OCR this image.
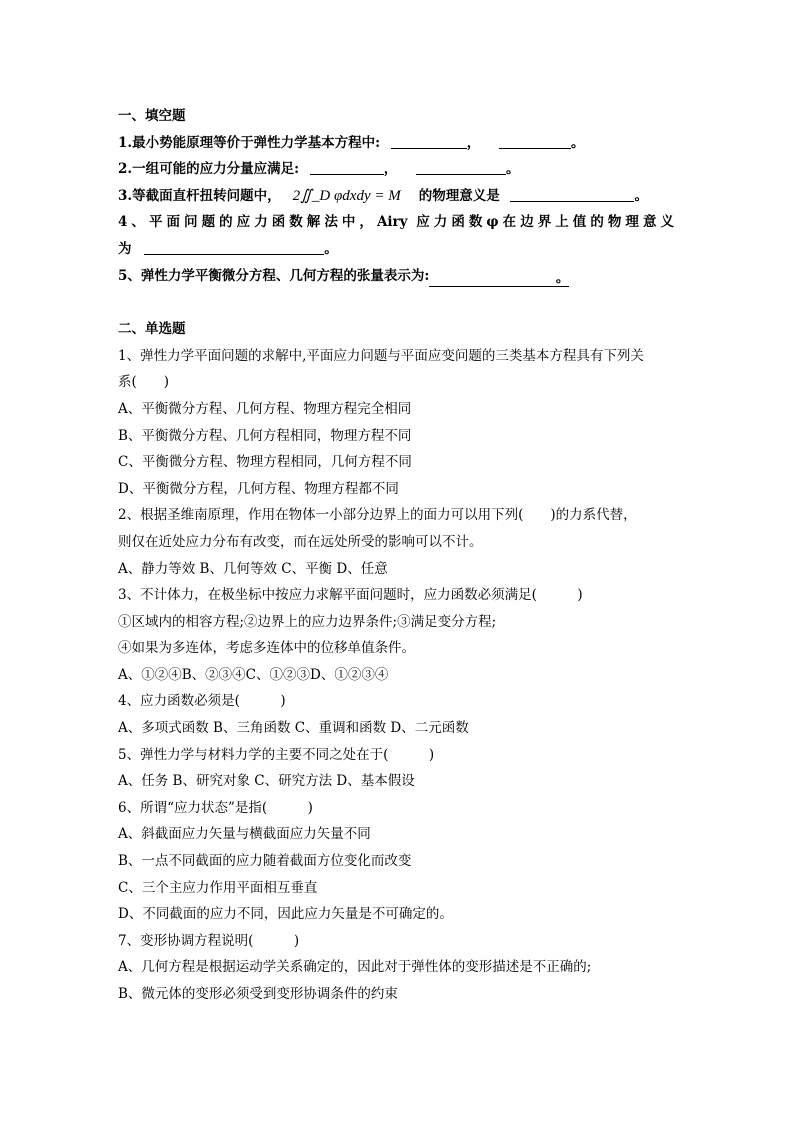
一、填空题
1.最小势能原理等价于弹性力学基本方程中:	，	。
2.一组可能的应力分量应满足:	，	。
3.等截面直杆扭转问题中， 2∬_D φdxdy = M 的物理意义是	。
4、平面问题的应力函数解法中，Airy 应力函数φ在边界上值的物理意义
为	。
5、弹性力学平衡微分方程、几何方程的张量表示为:	。
二、单选题
1、弹性力学平面问题的求解中,平面应力问题与平面应变问题的三类基本方程具有下列关
系(　　)
A、平衡微分方程、几何方程、物理方程完全相同
B、平衡微分方程、几何方程相同，物理方程不同
C、平衡微分方程、物理方程相同，几何方程不同
D、平衡微分方程，几何方程、物理方程都不同
2、根据圣维南原理，作用在物体一小部分边界上的面力可以用下列(　　)的力系代替，
则仅在近处应力分布有改变，而在远处所受的影响可以不计。
A、静力等效 B、几何等效 C、平衡 D、任意
3、不计体力，在极坐标中按应力求解平面问题时，应力函数必须满足(　　　)
①区域内的相容方程;②边界上的应力边界条件;③满足变分方程;
④如果为多连体，考虑多连体中的位移单值条件。
A、①②④B、②③④C、①②③D、①②③④
4、应力函数必须是(　　　)
A、多项式函数 B、三角函数 C、重调和函数 D、二元函数
5、弹性力学与材料力学的主要不同之处在于(　　　)
A、任务 B、研究对象 C、研究方法 D、基本假设
6、所谓“应力状态”是指(　　　)
A、斜截面应力矢量与横截面应力矢量不同
B、一点不同截面的应力随着截面方位变化而改变
C、三个主应力作用平面相互垂直
D、不同截面的应力不同，因此应力矢量是不可确定的。
7、变形协调方程说明(　　　)
A、几何方程是根据运动学关系确定的，因此对于弹性体的变形描述是不正确的;
B、微元体的变形必须受到变形协调条件的约束
